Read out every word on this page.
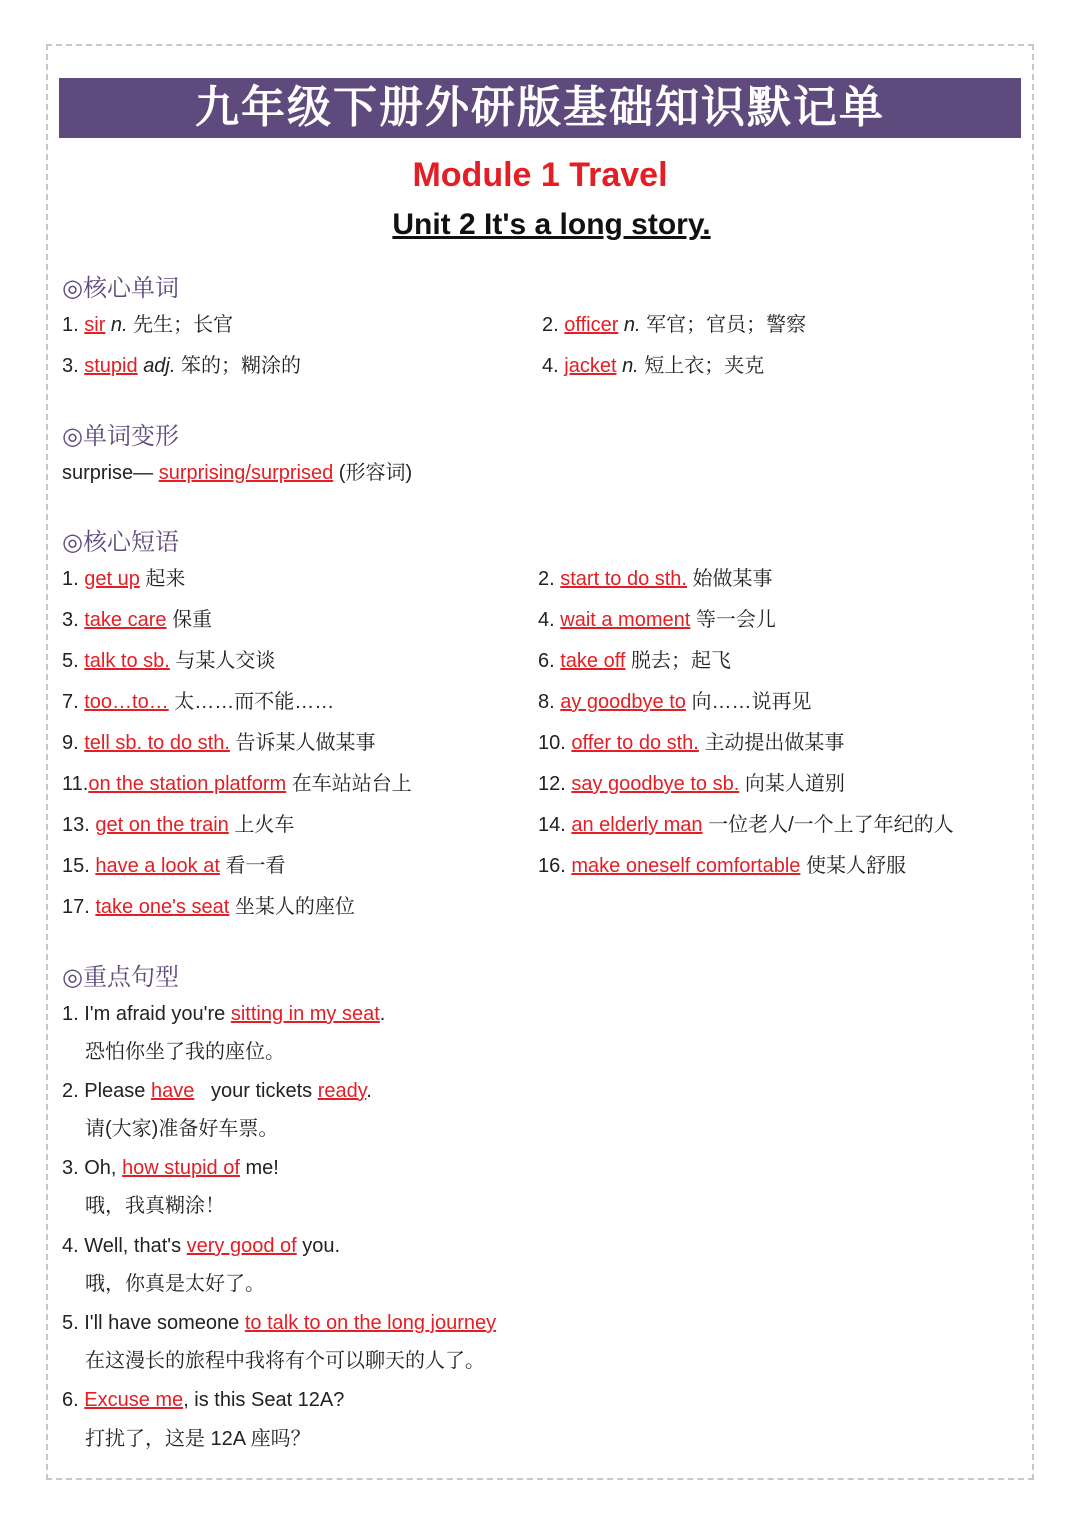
九年级下册外研版基础知识默记单
Module 1 Travel
Unit 2 It's a long story.
◎核心单词
1. sir n. 先生；长官	2. officer n. 军官；官员；警察
3. stupid adj. 笨的；糊涂的	4. jacket n. 短上衣；夹克
◎单词变形
surprise— surprising/surprised (形容词)
◎核心短语
1. get up 起来	2. start to do sth. 始做某事
3. take care 保重	4. wait a moment 等一会儿
5. talk to sb. 与某人交谈	6. take off 脱去；起飞
7. too…to… 太……而不能……	8. ay goodbye to 向……说再见
9. tell sb. to do sth. 告诉某人做某事	10. offer to do sth. 主动提出做某事
11.on the station platform 在车站站台上	12. say goodbye to sb. 向某人道别
13. get on the train 上火车	14. an elderly man 一位老人/一个上了年纪的人
15. have a look at 看一看	16. make oneself comfortable 使某人舒服
17. take one's seat 坐某人的座位
◎重点句型
1. I'm afraid you're sitting in my seat.
恐怕你坐了我的座位。
2. Please have your tickets ready.
请(大家)准备好车票。
3. Oh, how stupid of me!
哦，我真糊涂！
4. Well, that's very good of you.
哦，你真是太好了。
5. I'll have someone to talk to on the long journey
在这漫长的旅程中我将有个可以聊天的人了。
6. Excuse me, is this Seat 12A?
打扰了，这是 12A 座吗？
